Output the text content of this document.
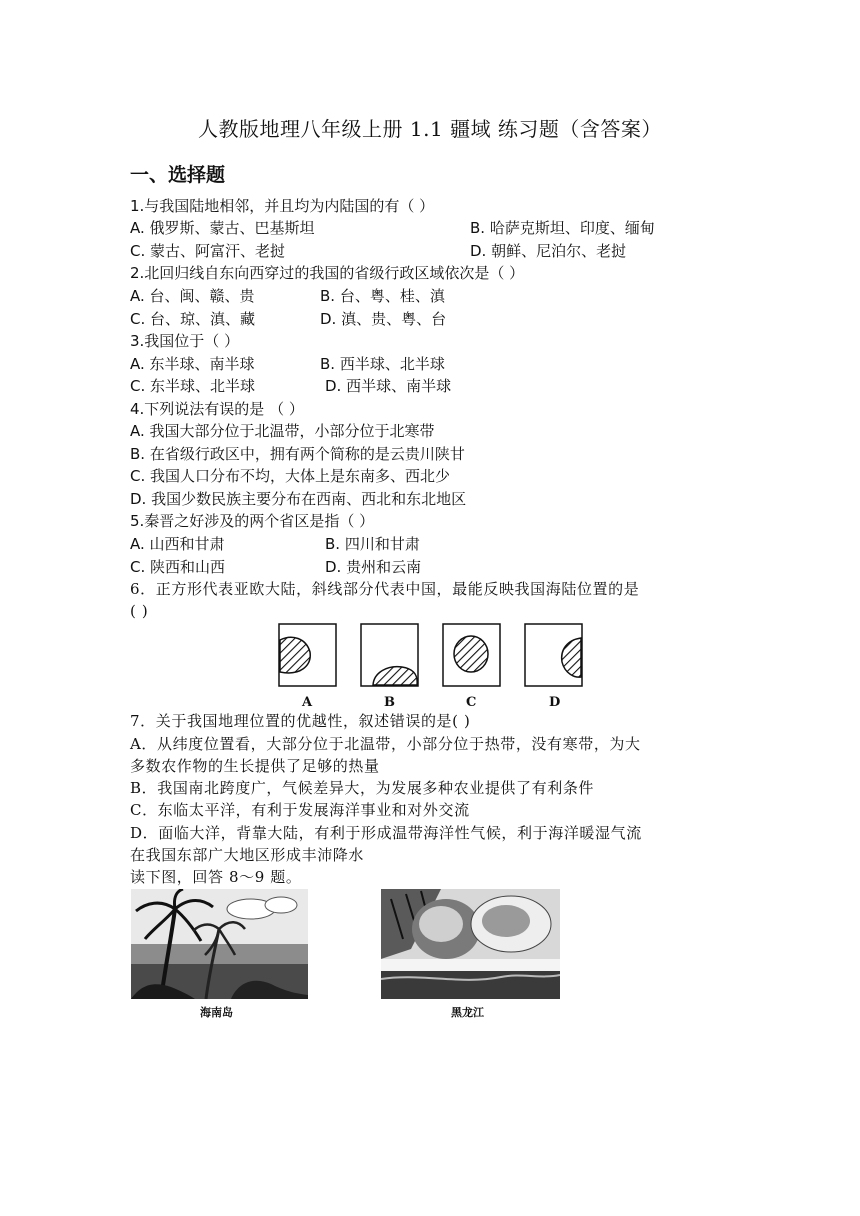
人教版地理八年级上册 1.1 疆域 练习题（含答案）
一、选择题
1.与我国陆地相邻，并且均为内陆国的有（ ）
A. 俄罗斯、蒙古、巴基斯坦	B. 哈萨克斯坦、印度、缅甸
C. 蒙古、阿富汗、老挝	D. 朝鲜、尼泊尔、老挝
2.北回归线自东向西穿过的我国的省级行政区域依次是（ ）
A. 台、闽、赣、贵	B. 台、粤、桂、滇
C. 台、琼、滇、藏	D. 滇、贵、粤、台
3.我国位于（ ）
A. 东半球、南半球	B. 西半球、北半球
C. 东半球、北半球	D. 西半球、南半球
4.下列说法有误的是 （ ）
A. 我国大部分位于北温带，小部分位于北寒带
B. 在省级行政区中，拥有两个简称的是云贵川陕甘
C. 我国人口分布不均，大体上是东南多、西北少
D. 我国少数民族主要分布在西南、西北和东北地区
5.秦晋之好涉及的两个省区是指（ ）
A. 山西和甘肃	B. 四川和甘肃
C. 陕西和山西	D. 贵州和云南
6．正方形代表亚欧大陆，斜线部分代表中国，最能反映我国海陆位置的是
( )
A	B	C	D
7．关于我国地理位置的优越性，叙述错误的是( )
A．从纬度位置看，大部分位于北温带，小部分位于热带，没有寒带，为大
多数农作物的生长提供了足够的热量
B．我国南北跨度广，气候差异大，为发展多种农业提供了有利条件
C．东临太平洋，有利于发展海洋事业和对外交流
D．面临大洋，背靠大陆，有利于形成温带海洋性气候，利于海洋暖湿气流
在我国东部广大地区形成丰沛降水
读下图，回答 8～9 题。
海南岛	黑龙江
